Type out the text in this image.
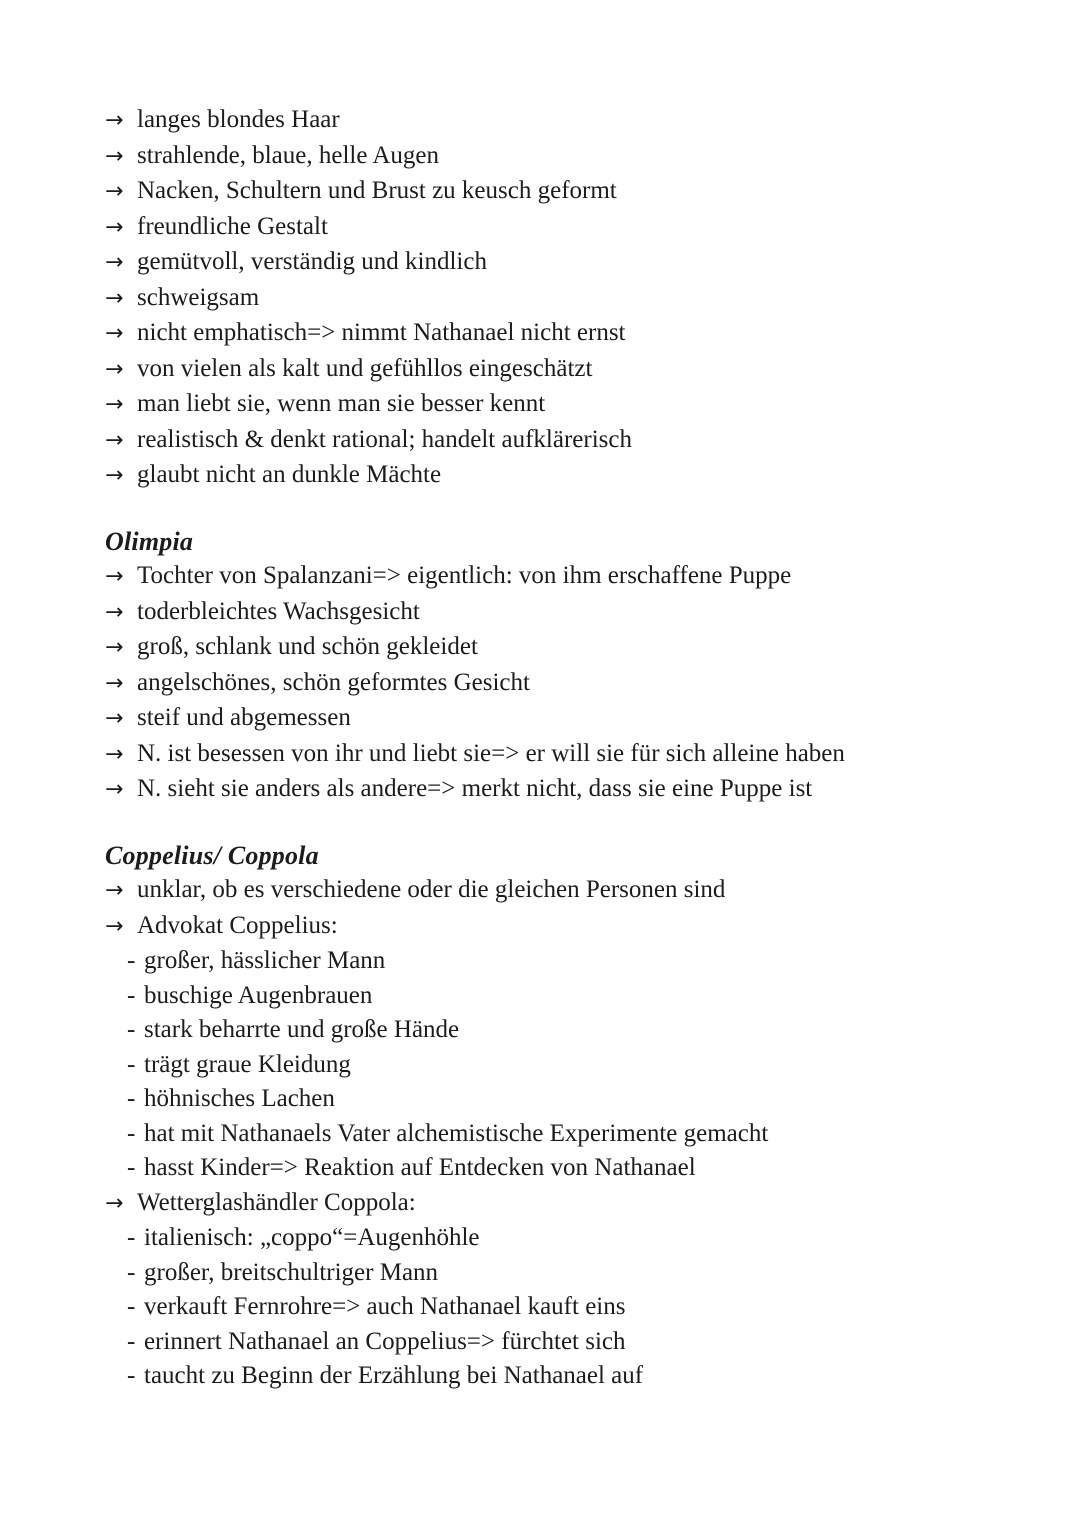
→ langes blondes Haar
→ strahlende, blaue, helle Augen
→ Nacken, Schultern und Brust zu keusch geformt
→ freundliche Gestalt
→ gemütvoll, verständig und kindlich
→ schweigsam
→ nicht emphatisch=> nimmt Nathanael nicht ernst
→ von vielen als kalt und gefühllos eingeschätzt
→ man liebt sie, wenn man sie besser kennt
→ realistisch & denkt rational; handelt aufklärerisch
→ glaubt nicht an dunkle Mächte
Olimpia
→ Tochter von Spalanzani=> eigentlich: von ihm erschaffene Puppe
→ toderbleichtes Wachsgesicht
→ groß, schlank und schön gekleidet
→ angelschönes, schön geformtes Gesicht
→ steif und abgemessen
→ N. ist besessen von ihr und liebt sie=> er will sie für sich alleine haben
→ N. sieht sie anders als andere=> merkt nicht, dass sie eine Puppe ist
Coppelius/ Coppola
→ unklar, ob es verschiedene oder die gleichen Personen sind
→ Advokat Coppelius:
- großer, hässlicher Mann
- buschige Augenbrauen
- stark beharrte und große Hände
- trägt graue Kleidung
- höhnisches Lachen
- hat mit Nathanaels Vater alchemistische Experimente gemacht
- hasst Kinder=> Reaktion auf Entdecken von Nathanael
→ Wetterglashändler Coppola:
- italienisch: „coppo“=Augenhöhle
- großer, breitschultriger Mann
- verkauft Fernrohre=> auch Nathanael kauft eins
- erinnert Nathanael an Coppelius=> fürchtet sich
- taucht zu Beginn der Erzählung bei Nathanael auf
